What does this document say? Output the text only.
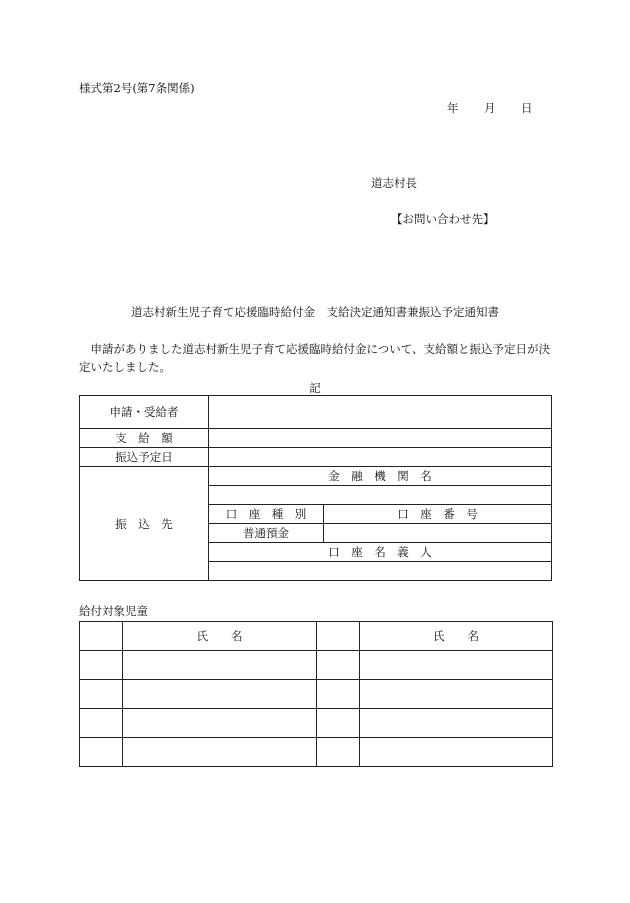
様式第2号(第7条関係)
年 月 日
道志村長
【お問い合わせ先】
道志村新生児子育て応援臨時給付金　支給決定通知書兼振込予定通知書
申請がありました道志村新生児子育て応援臨時給付金について、支給額と振込予定日が決定いたしました。
記
申請・受給者		
支　給　額		
振込予定日		
振　込　先	金　融　機　関　名	

	口　座　種　別	口　座　番　号
	普通預金	
	口　座　名　義　人	

給付対象児童
	氏　　名		氏　　名
